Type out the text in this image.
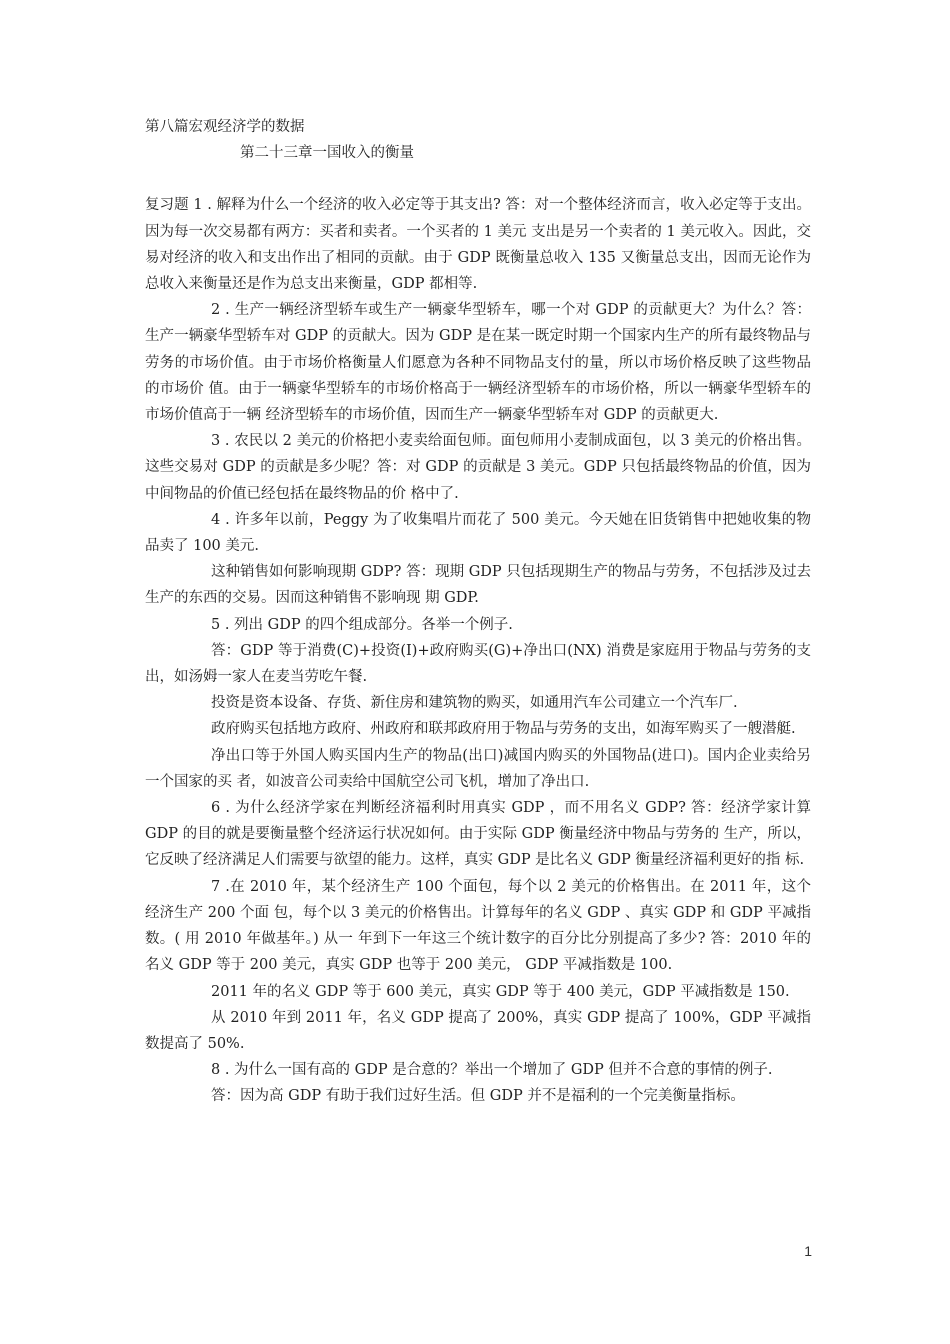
第八篇宏观经济学的数据

第二十三章一国收入的衡量

复习题 1 . 解释为什么一个经济的收入必定等于其支出? 答：对一个整体经济而言，收入必定等于支出。因为每一次交易都有两方：买者和卖者。一个买者的 1 美元 支出是另一个卖者的 1 美元收入。因此，交易对经济的收入和支出作出了相同的贡献。由于 GDP 既衡量总收入 135 又衡量总支出，因而无论作为总收入来衡量还是作为总支出来衡量，GDP 都相等.

2 . 生产一辆经济型轿车或生产一辆豪华型轿车，哪一个对 GDP 的贡献更大？为什么？答：生产一辆豪华型轿车对 GDP 的贡献大。因为 GDP 是在某一既定时期一个国家内生产的所有最终物品与 劳务的市场价值。由于市场价格衡量人们愿意为各种不同物品支付的量，所以市场价格反映了这些物品的市场价 值。由于一辆豪华型轿车的市场价格高于一辆经济型轿车的市场价格，所以一辆豪华型轿车的市场价值高于一辆 经济型轿车的市场价值，因而生产一辆豪华型轿车对 GDP 的贡献更大.

3 . 农民以 2 美元的价格把小麦卖给面包师。面包师用小麦制成面包，以 3 美元的价格出售。这些交易对 GDP 的贡献是多少呢？答：对 GDP 的贡献是 3 美元。GDP 只包括最终物品的价值，因为中间物品的价值已经包括在最终物品的价 格中了.

4 . 许多年以前，Peggy 为了收集唱片而花了 500 美元。今天她在旧货销售中把她收集的物品卖了 100 美元.

这种销售如何影响现期 GDP? 答：现期 GDP 只包括现期生产的物品与劳务，不包括涉及过去生产的东西的交易。因而这种销售不影响现 期 GDP.

5 . 列出 GDP 的四个组成部分。各举一个例子.

答：GDP 等于消费(C)+投资(I)+政府购买(G)+净出口(NX) 消费是家庭用于物品与劳务的支出，如汤姆一家人在麦当劳吃午餐.

投资是资本设备、存货、新住房和建筑物的购买，如通用汽车公司建立一个汽车厂.

政府购买包括地方政府、州政府和联邦政府用于物品与劳务的支出，如海军购买了一艘潜艇.

净出口等于外国人购买国内生产的物品(出口)减国内购买的外国物品(进口)。国内企业卖给另一个国家的买 者，如波音公司卖给中国航空公司飞机，增加了净出口.

6 . 为什么经济学家在判断经济福利时用真实 GDP ，而不用名义 GDP? 答：经济学家计算 GDP 的目的就是要衡量整个经济运行状况如何。由于实际 GDP 衡量经济中物品与劳务的 生产，所以，它反映了经济满足人们需要与欲望的能力。这样，真实 GDP 是比名义 GDP 衡量经济福利更好的指 标.

7 .在 2010 年，某个经济生产 100 个面包，每个以 2 美元的价格售出。在 2011 年，这个经济生产 200 个面 包，每个以 3 美元的价格售出。计算每年的名义 GDP 、真实 GDP 和 GDP 平减指数。( 用 2010 年做基年。) 从一 年到下一年这三个统计数字的百分比分别提高了多少? 答：2010 年的名义 GDP 等于 200 美元，真实 GDP 也等于 200 美元， GDP 平减指数是 100.

2011 年的名义 GDP 等于 600 美元，真实 GDP 等于 400 美元，GDP 平减指数是 150.

从 2010 年到 2011 年，名义 GDP 提高了 200%，真实 GDP 提高了 100%，GDP 平减指数提高了 50%.

8 . 为什么一国有高的 GDP 是合意的？举出一个增加了 GDP 但并不合意的事情的例子.

答：因为高 GDP 有助于我们过好生活。但 GDP 并不是福利的一个完美衡量指标。

1
